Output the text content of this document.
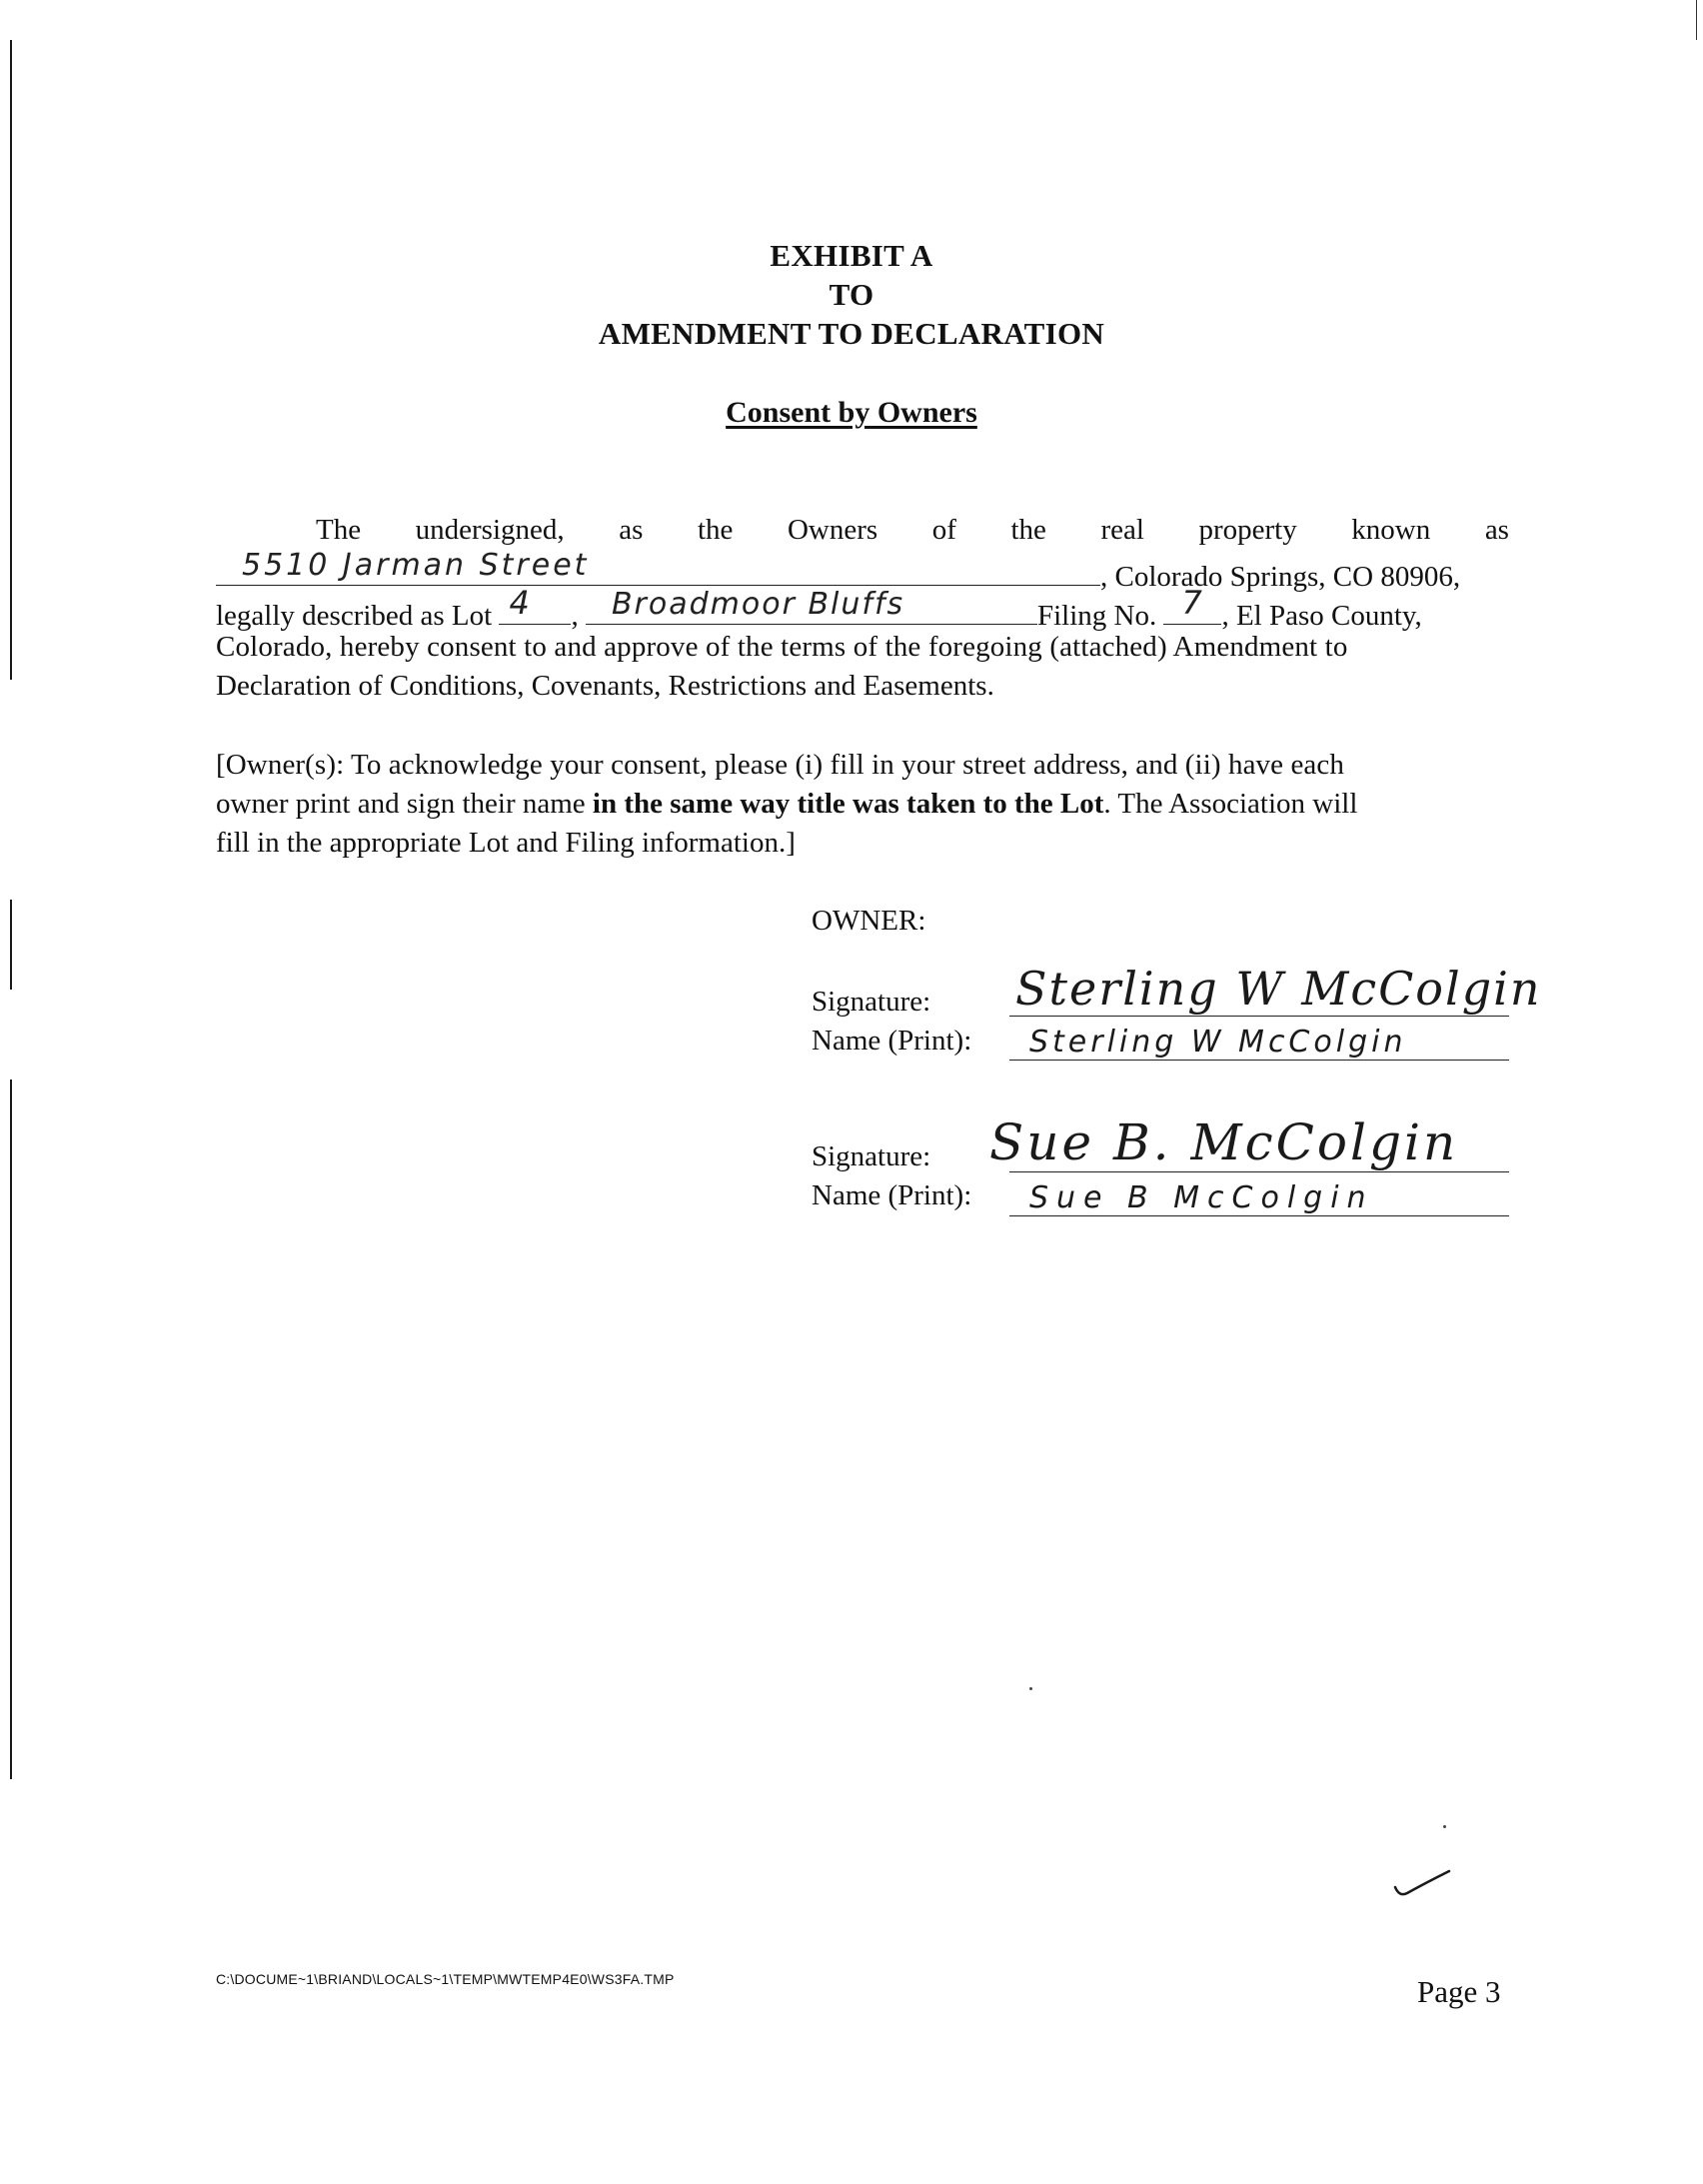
EXHIBIT A
TO
AMENDMENT TO DECLARATION
Consent by Owners
The undersigned, as the Owners of the real property known as
5510 Jarman Street	, Colorado Springs, CO 80906,
legally described as Lot 4	, Broadmoor Bluffs	Filing No. 7 , El Paso County,
Colorado, hereby consent to and approve of the terms of the foregoing (attached) Amendment to
Declaration of Conditions, Covenants, Restrictions and Easements.
[Owner(s): To acknowledge your consent, please (i) fill in your street address, and (ii) have each
owner print and sign their name in the same way title was taken to the Lot. The Association will
fill in the appropriate Lot and Filing information.]
OWNER:
Signature: Sterling W McColgin
Name (Print): Sterling W McColgin
Signature: Sue B. McColgin
Name (Print): Sue B McColgin
C:\DOCUME~1\BRIAND\LOCALS~1\TEMP\MWTEMP4E0\WS3FA.TMP	Page 3
